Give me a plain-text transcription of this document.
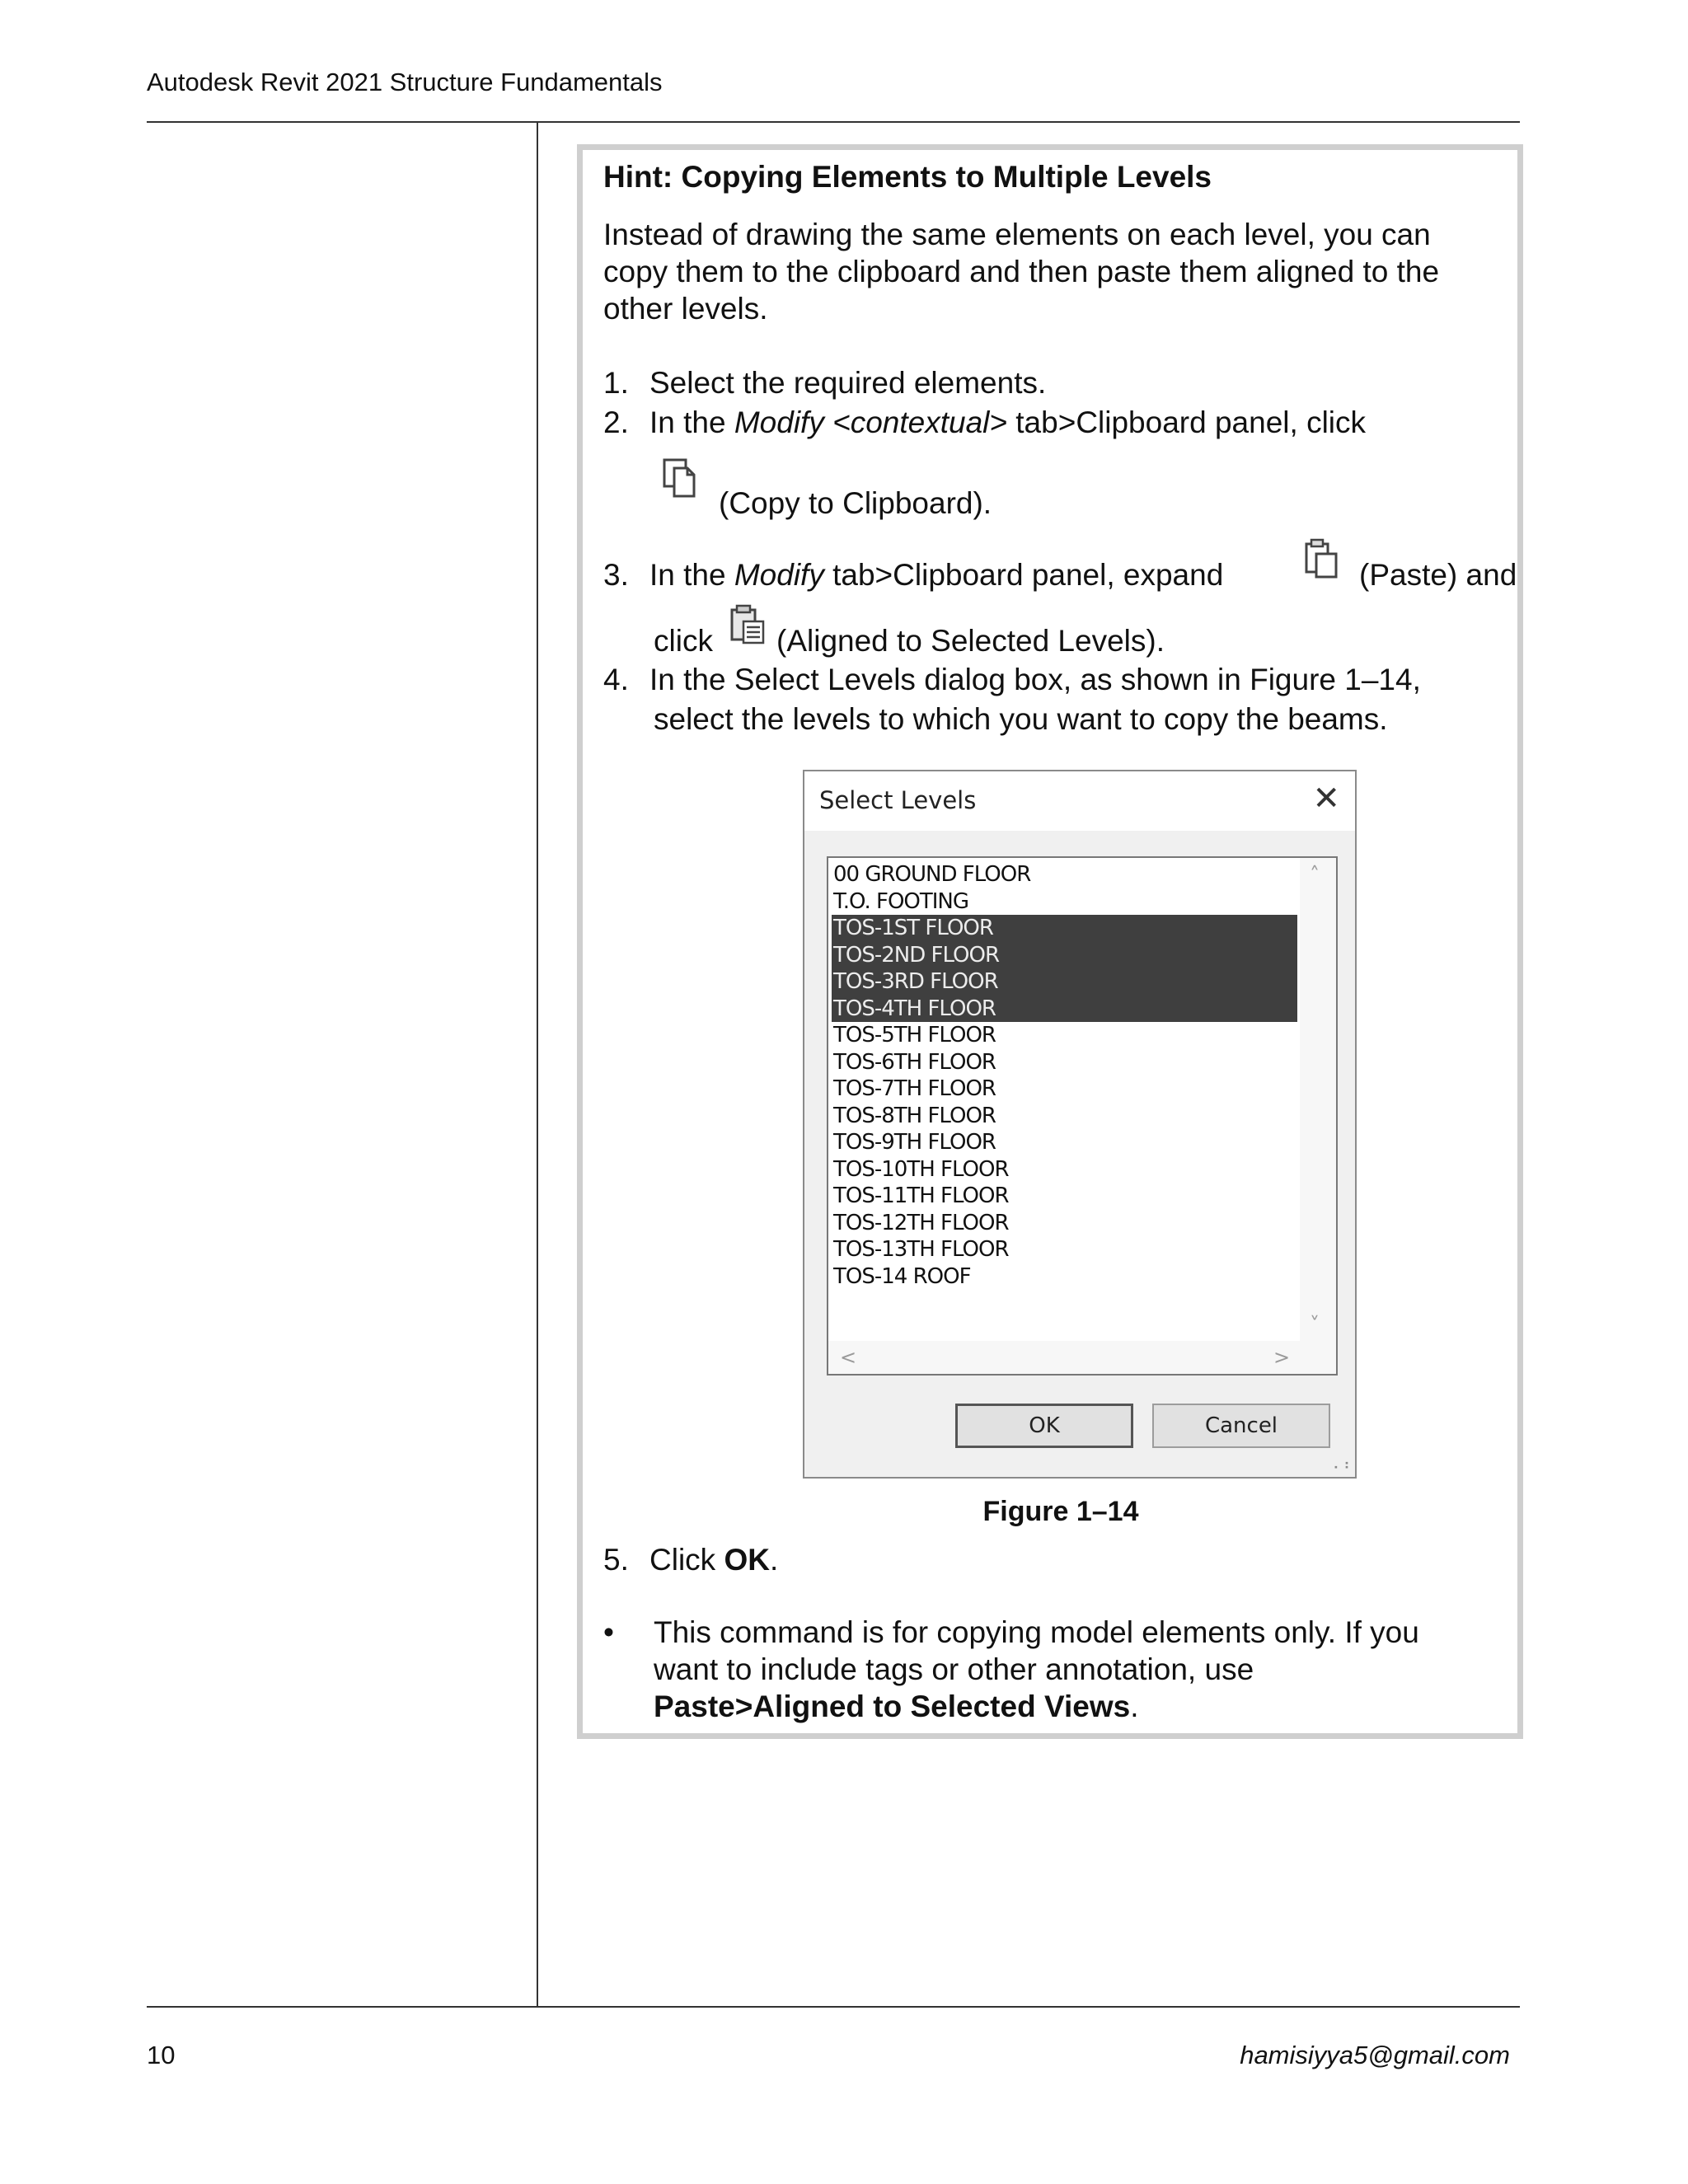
Autodesk Revit 2021 Structure Fundamentals
Hint: Copying Elements to Multiple Levels
Instead of drawing the same elements on each level, you can copy them to the clipboard and then paste them aligned to the other levels.
1. Select the required elements.
2. In the Modify <contextual> tab>Clipboard panel, click
(Copy to Clipboard).
3. In the Modify tab>Clipboard panel, expand	(Paste) and
click (Aligned to Selected Levels).
4. In the Select Levels dialog box, as shown in Figure 1–14,
select the levels to which you want to copy the beams.
Select Levels	✕
00 GROUND FLOOR
T.O. FOOTING
TOS-1ST FLOOR
TOS-2ND FLOOR
TOS-3RD FLOOR
TOS-4TH FLOOR
TOS-5TH FLOOR
TOS-6TH FLOOR
TOS-7TH FLOOR
TOS-8TH FLOOR
TOS-9TH FLOOR
TOS-10TH FLOOR
TOS-11TH FLOOR
TOS-12TH FLOOR
TOS-13TH FLOOR
TOS-14 ROOF
˄
˅
<	>
OK	Cancel
⠠⠰
Figure 1–14
5. Click OK.
• This command is for copying model elements only. If you
want to include tags or other annotation, use
Paste>Aligned to Selected Views.
10	hamisiyya5@gmail.com
